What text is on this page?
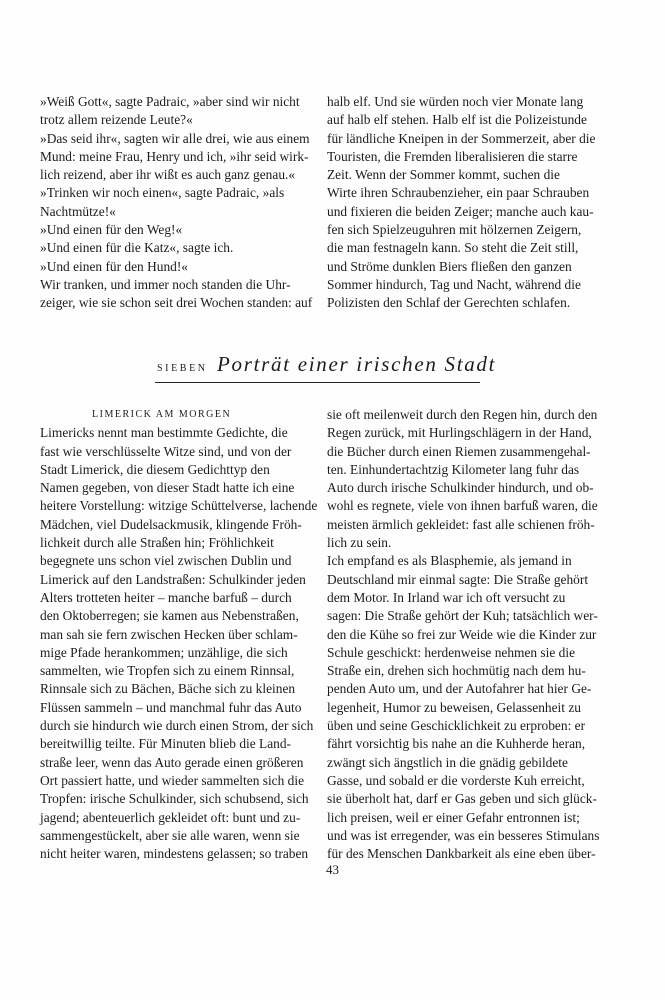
»Weiß Gott«, sagte Padraic, »aber sind wir nicht
trotz allem reizende Leute?«
»Das seid ihr«, sagten wir alle drei, wie aus einem
Mund: meine Frau, Henry und ich, »ihr seid wirk-
lich reizend, aber ihr wißt es auch ganz genau.«
»Trinken wir noch einen«, sagte Padraic, »als
Nachtmütze!«
»Und einen für den Weg!«
»Und einen für die Katz«, sagte ich.
»Und einen für den Hund!«
Wir tranken, und immer noch standen die Uhr-
zeiger, wie sie schon seit drei Wochen standen: auf
halb elf. Und sie würden noch vier Monate lang
auf halb elf stehen. Halb elf ist die Polizeistunde
für ländliche Kneipen in der Sommerzeit, aber die
Touristen, die Fremden liberalisieren die starre
Zeit. Wenn der Sommer kommt, suchen die
Wirte ihren Schraubenzieher, ein paar Schrauben
und fixieren die beiden Zeiger; manche auch kau-
fen sich Spielzeuguhren mit hölzernen Zeigern,
die man festnageln kann. So steht die Zeit still,
und Ströme dunklen Biers fließen den ganzen
Sommer hindurch, Tag und Nacht, während die
Polizisten den Schlaf der Gerechten schlafen.
SIEBEN Porträt einer irischen Stadt
LIMERICK AM MORGEN
Limericks nennt man bestimmte Gedichte, die
fast wie verschlüsselte Witze sind, und von der
Stadt Limerick, die diesem Gedichttyp den
Namen gegeben, von dieser Stadt hatte ich eine
heitere Vorstellung: witzige Schüttelverse, lachende
Mädchen, viel Dudelsackmusik, klingende Fröh-
lichkeit durch alle Straßen hin; Fröhlichkeit
begegnete uns schon viel zwischen Dublin und
Limerick auf den Landstraßen: Schulkinder jeden
Alters trotteten heiter – manche barfuß – durch
den Oktoberregen; sie kamen aus Nebenstraßen,
man sah sie fern zwischen Hecken über schlam-
mige Pfade herankommen; unzählige, die sich
sammelten, wie Tropfen sich zu einem Rinnsal,
Rinnsale sich zu Bächen, Bäche sich zu kleinen
Flüssen sammeln – und manchmal fuhr das Auto
durch sie hindurch wie durch einen Strom, der sich
bereitwillig teilte. Für Minuten blieb die Land-
straße leer, wenn das Auto gerade einen größeren
Ort passiert hatte, und wieder sammelten sich die
Tropfen: irische Schulkinder, sich schubsend, sich
jagend; abenteuerlich gekleidet oft: bunt und zu-
sammengestückelt, aber sie alle waren, wenn sie
nicht heiter waren, mindestens gelassen; so traben
sie oft meilenweit durch den Regen hin, durch den
Regen zurück, mit Hurlingschlägern in der Hand,
die Bücher durch einen Riemen zusammengehal-
ten. Einhundertachtzig Kilometer lang fuhr das
Auto durch irische Schulkinder hindurch, und ob-
wohl es regnete, viele von ihnen barfuß waren, die
meisten ärmlich gekleidet: fast alle schienen fröh-
lich zu sein.
Ich empfand es als Blasphemie, als jemand in
Deutschland mir einmal sagte: Die Straße gehört
dem Motor. In Irland war ich oft versucht zu
sagen: Die Straße gehört der Kuh; tatsächlich wer-
den die Kühe so frei zur Weide wie die Kinder zur
Schule geschickt: herdenweise nehmen sie die
Straße ein, drehen sich hochmütig nach dem hu-
penden Auto um, und der Autofahrer hat hier Ge-
legenheit, Humor zu beweisen, Gelassenheit zu
üben und seine Geschicklichkeit zu erproben: er
fährt vorsichtig bis nahe an die Kuhherde heran,
zwängt sich ängstlich in die gnädig gebildete
Gasse, und sobald er die vorderste Kuh erreicht,
sie überholt hat, darf er Gas geben und sich glück-
lich preisen, weil er einer Gefahr entronnen ist;
und was ist erregender, was ein besseres Stimulans
für des Menschen Dankbarkeit als eine eben über-
43
